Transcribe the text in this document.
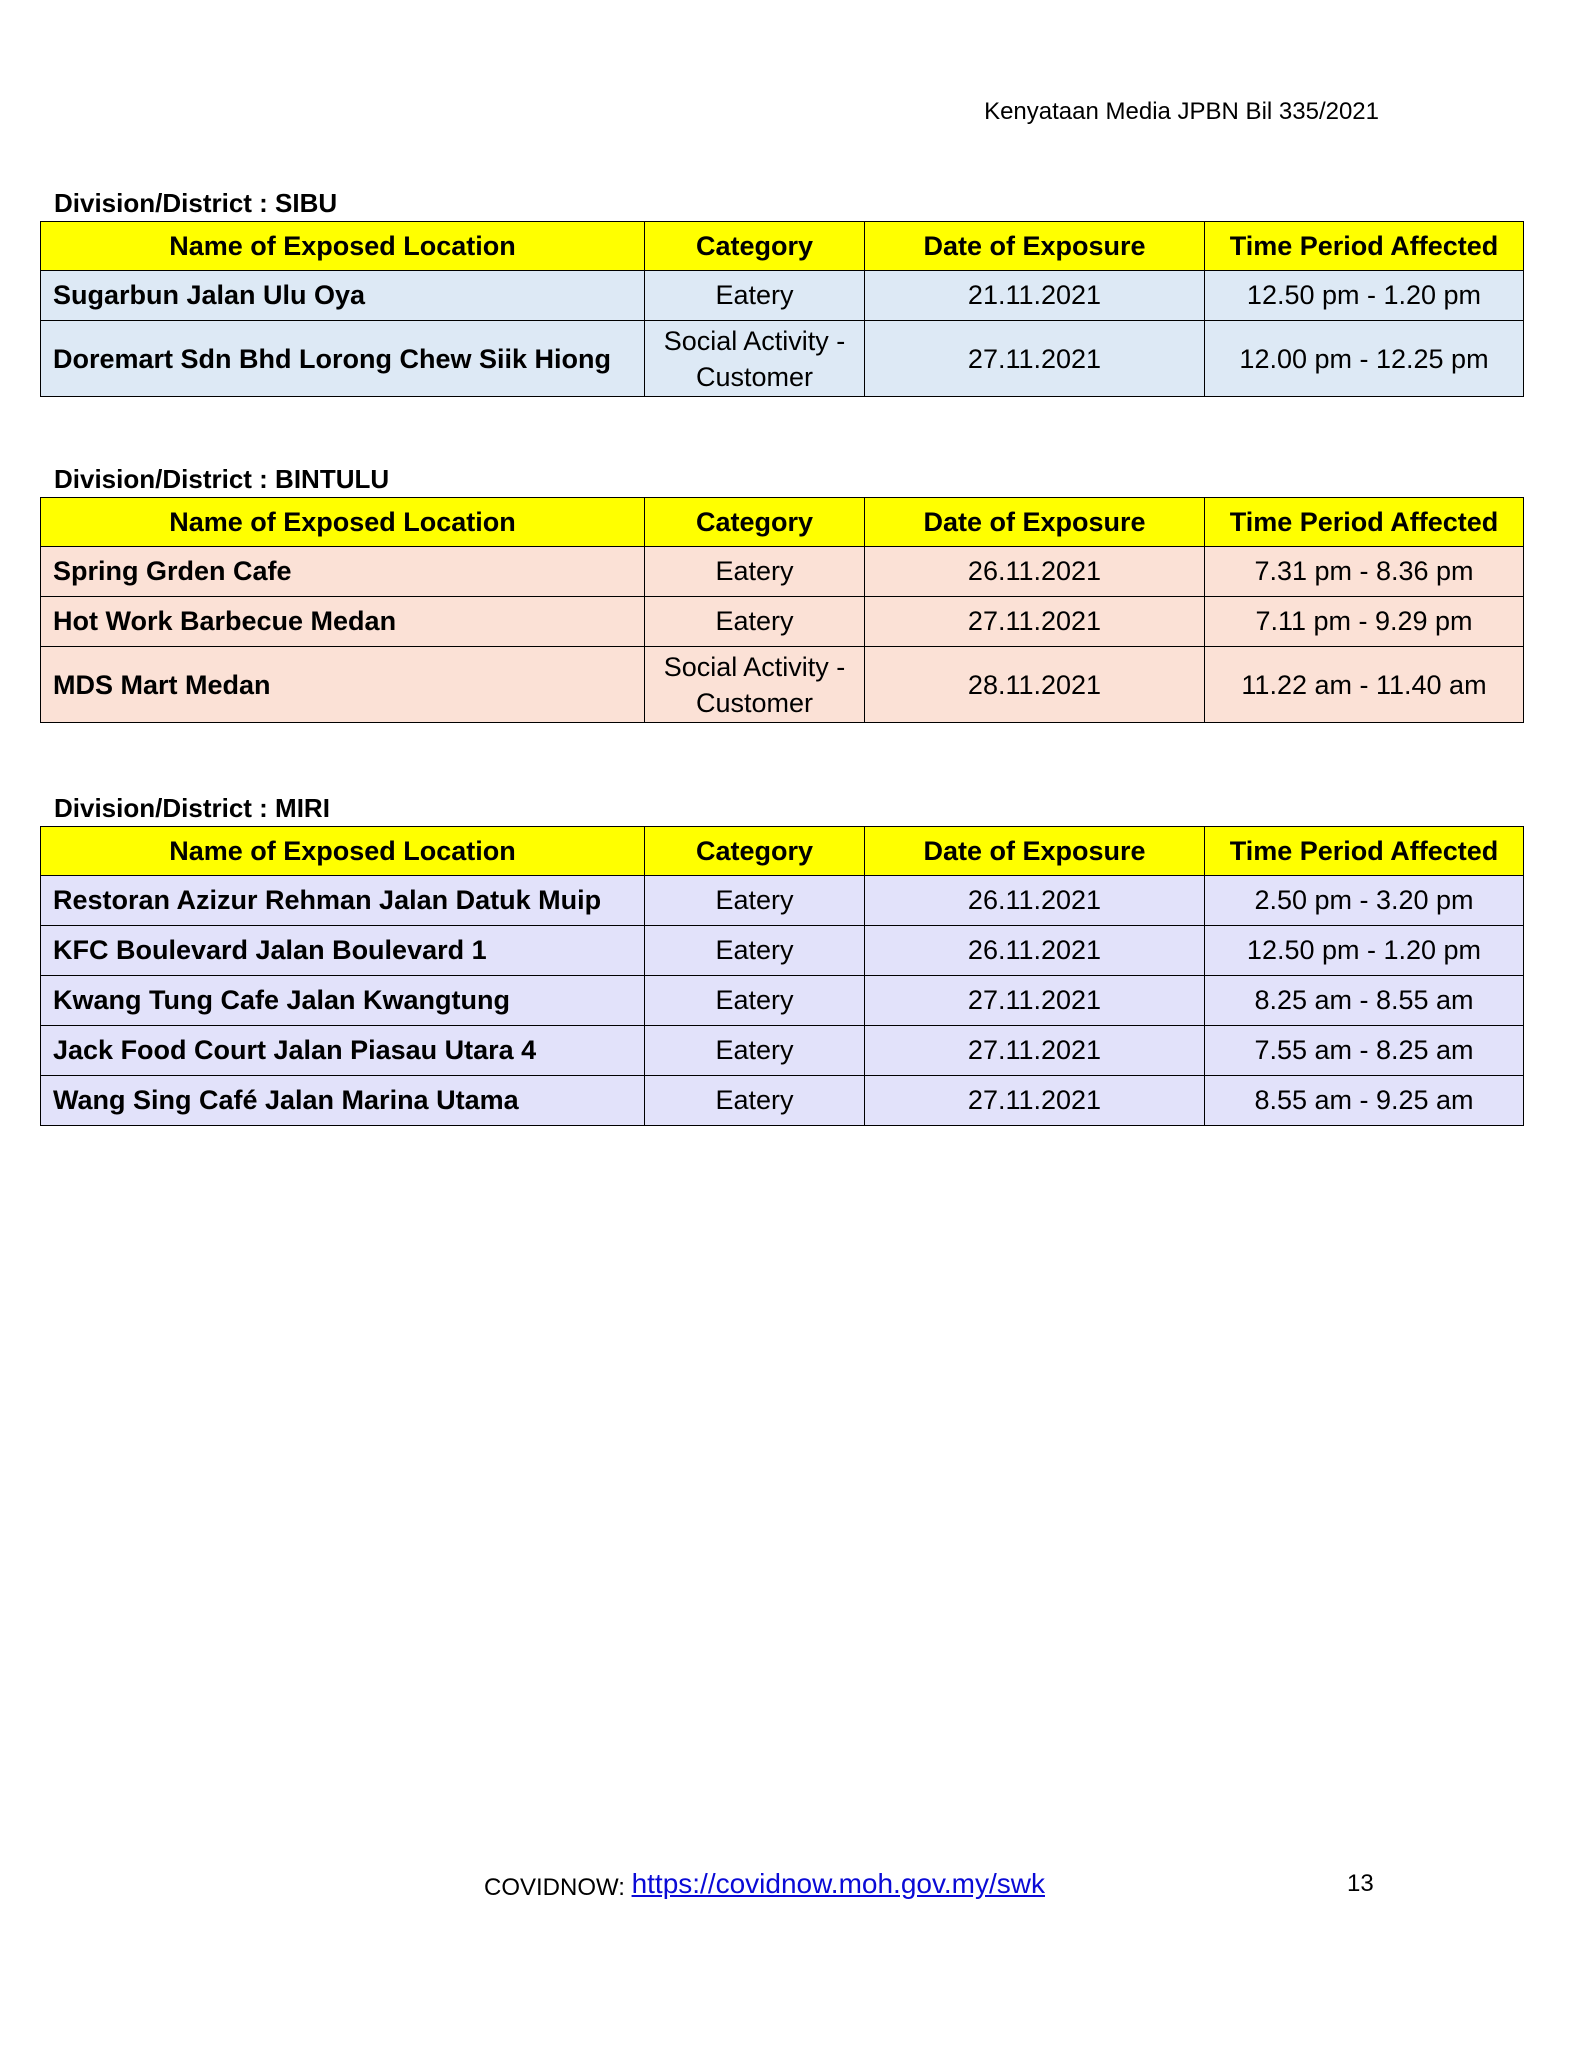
Kenyataan Media JPBN Bil 335/2021
Division/District : SIBU
Name of Exposed Location	Category	Date of Exposure	Time Period Affected
Sugarbun Jalan Ulu Oya	Eatery	21.11.2021	12.50 pm - 1.20 pm
Doremart Sdn Bhd Lorong Chew Siik Hiong	Social Activity - Customer	27.11.2021	12.00 pm - 12.25 pm
Division/District : BINTULU
Name of Exposed Location	Category	Date of Exposure	Time Period Affected
Spring Grden Cafe	Eatery	26.11.2021	7.31 pm - 8.36 pm
Hot Work Barbecue Medan	Eatery	27.11.2021	7.11 pm - 9.29 pm
MDS Mart Medan	Social Activity - Customer	28.11.2021	11.22 am - 11.40 am
Division/District : MIRI
Name of Exposed Location	Category	Date of Exposure	Time Period Affected
Restoran Azizur Rehman Jalan Datuk Muip	Eatery	26.11.2021	2.50 pm - 3.20 pm
KFC Boulevard Jalan Boulevard 1	Eatery	26.11.2021	12.50 pm - 1.20 pm
Kwang Tung Cafe Jalan Kwangtung	Eatery	27.11.2021	8.25 am - 8.55 am
Jack Food Court Jalan Piasau Utara 4	Eatery	27.11.2021	7.55 am - 8.25 am
Wang Sing Café Jalan Marina Utama	Eatery	27.11.2021	8.55 am - 9.25 am
COVIDNOW: https://covidnow.moh.gov.my/swk	13
